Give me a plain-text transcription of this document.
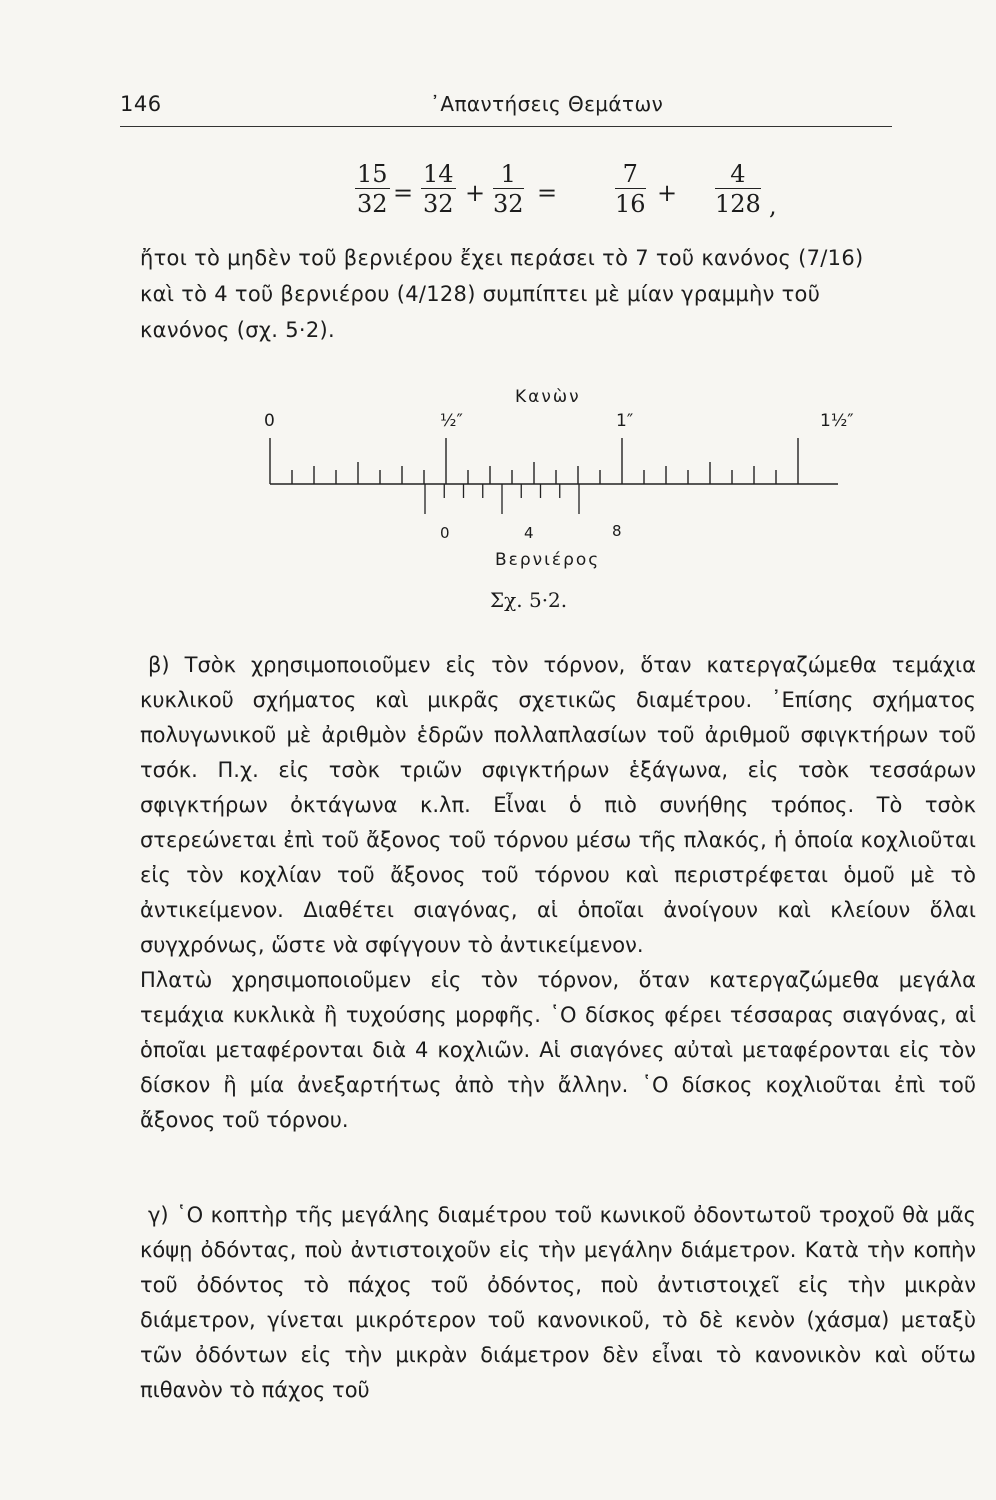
146	᾿Απαντήσεις Θεμάτων
$\frac{15}{32} = \frac{14}{32} + \frac{1}{32} = \frac{7}{16} + \frac{4}{128}$ ,
ἤτοι τὸ μηδὲν τοῦ βερνιέρου ἔχει περάσει τὸ 7 τοῦ κανόνος (7/16)
καὶ τὸ 4 τοῦ βερνιέρου (4/128) συμπίπτει μὲ μίαν γραμμὴν τοῦ
κανόνος (σχ. 5·2).
Κανὼν
0	½″	1″	1½″
0	4	8
Βερνιέρος
Σχ. 5·2.

β) Τσὸκ χρησιμοποιοῦμεν εἰς τὸν τόρνον, ὅταν κατεργαζώμεθα τεμάχια κυκλικοῦ σχήματος καὶ μικρᾶς σχετικῶς διαμέτρου. ᾿Επίσης σχήματος πολυγωνικοῦ μὲ ἀριθμὸν ἑδρῶν πολλαπλασίων τοῦ ἀριθμοῦ σφιγκτήρων τοῦ τσόκ. Π.χ. εἰς τσὸκ τριῶν σφιγκτήρων ἑξάγωνα, εἰς τσὸκ τεσσάρων σφιγκτήρων ὀκτάγωνα κ.λπ. Εἶναι ὁ πιὸ συνήθης τρόπος. Τὸ τσὸκ στερεώνεται ἐπὶ τοῦ ἄξονος τοῦ τόρνου μέσω τῆς πλακός, ἡ ὁποία κοχλιοῦται εἰς τὸν κοχλίαν τοῦ ἄξονος τοῦ τόρνου καὶ περιστρέφεται ὁμοῦ μὲ τὸ ἀντικείμενον. Διαθέτει σιαγόνας, αἱ ὁποῖαι ἀνοίγουν καὶ κλείουν ὅλαι συγχρόνως, ὥστε νὰ σφίγγουν τὸ ἀντικείμενον.

Πλατὼ χρησιμοποιοῦμεν εἰς τὸν τόρνον, ὅταν κατεργαζώμεθα μεγάλα τεμάχια κυκλικὰ ἢ τυχούσης μορφῆς. ῾Ο δίσκος φέρει τέσσαρας σιαγόνας, αἱ ὁποῖαι μεταφέρονται διὰ 4 κοχλιῶν. Αἱ σιαγόνες αὐταὶ μεταφέρονται εἰς τὸν δίσκον ἢ μία ἀνεξαρτήτως ἀπὸ τὴν ἄλλην. ῾Ο δίσκος κοχλιοῦται ἐπὶ τοῦ ἄξονος τοῦ τόρνου.

γ) ῾Ο κοπτὴρ τῆς μεγάλης διαμέτρου τοῦ κωνικοῦ ὀδοντωτοῦ τροχοῦ θὰ μᾶς κόψῃ ὀδόντας, ποὺ ἀντιστοιχοῦν εἰς τὴν μεγάλην διάμετρον. Κατὰ τὴν κοπὴν τοῦ ὀδόντος τὸ πάχος τοῦ ὀδόντος, ποὺ ἀντιστοιχεῖ εἰς τὴν μικρὰν διάμετρον, γίνεται μικρότερον τοῦ κανονικοῦ, τὸ δὲ κενὸν (χάσμα) μεταξὺ τῶν ὀδόντων εἰς τὴν μικρὰν διάμετρον δὲν εἶναι τὸ κανονικὸν καὶ οὕτω πιθανὸν τὸ πάχος τοῦ
